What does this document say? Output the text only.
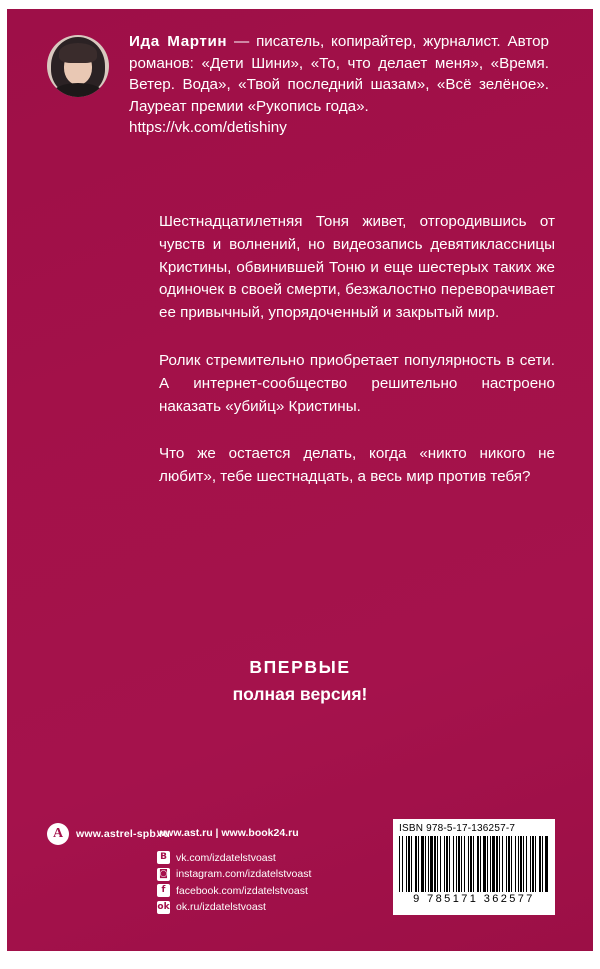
Ида Мартин — писатель, копирайтер, журналист. Автор романов: «Дети Шини», «То, что делает меня», «Время. Ветер. Вода», «Твой последний шазам», «Всё зелёное». Лауреат премии «Рукопись года».
https://vk.com/detishiny

Шестнадцатилетняя Тоня живет, отгородившись от чувств и волнений, но видеозапись девятиклассницы Кристины, обвинившей Тоню и еще шестерых таких же одиночек в своей смерти, безжалостно переворачивает ее привычный, упорядоченный и закрытый мир.

Ролик стремительно приобретает популярность в сети. А интернет-сообщество решительно настроено наказать «убийц» Кристины.

Что же остается делать, когда «никто никого не любит», тебе шестнадцать, а весь мир против тебя?

ВПЕРВЫЕ
полная версия!
A	www.astrel-spb.ru
www.ast.ru | www.book24.ru
B vk.com/izdatelstvoast
◙ instagram.com/izdatelstvoast
f	facebook.com/izdatelstvoast
ok ok.ru/izdatelstvoast
ISBN 978-5-17-136257-7
9 785171 362577
